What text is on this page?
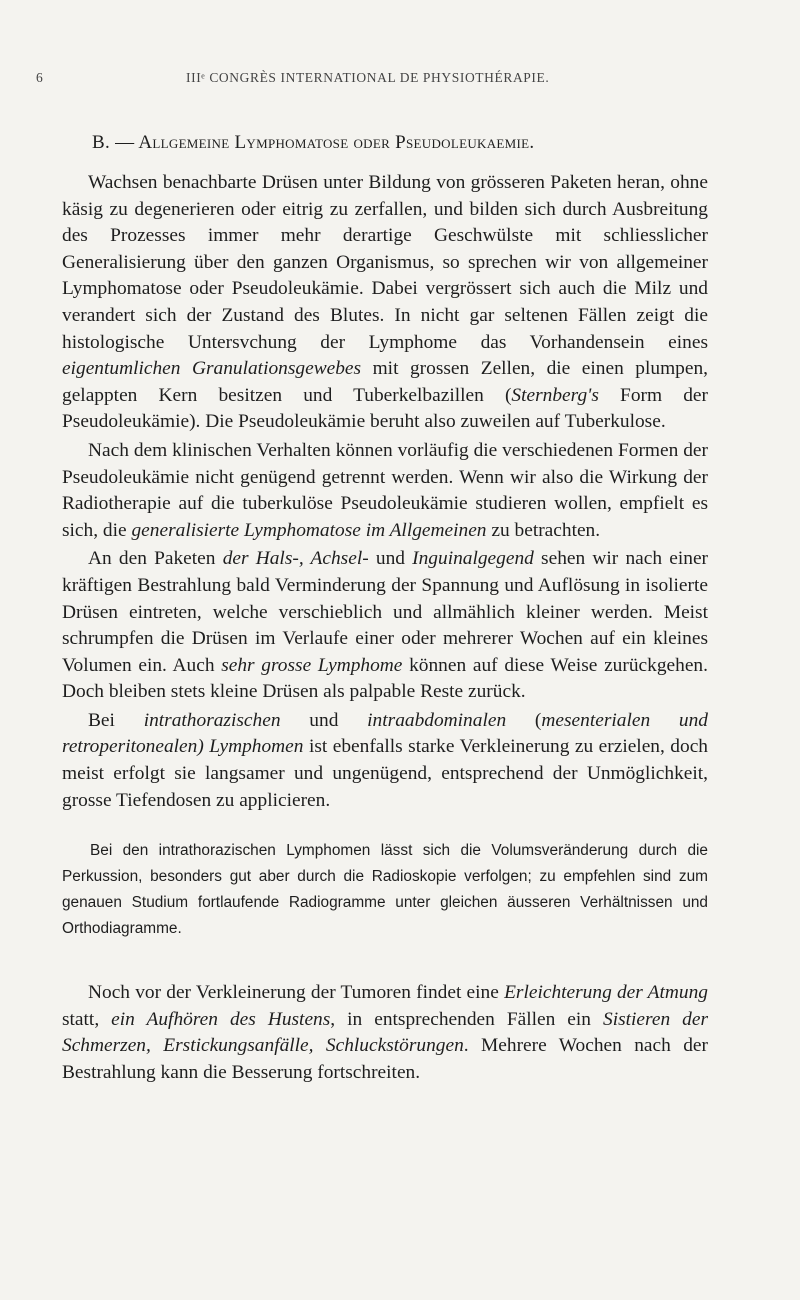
6	IIIᵉ CONGRÈS INTERNATIONAL DE PHYSIOTHÉRAPIE.
B. — Allgemeine Lymphomatose oder Pseudoleukaemie.

Wachsen benachbarte Drüsen unter Bildung von grösseren Paketen heran, ohne käsig zu degenerieren oder eitrig zu zerfallen, und bilden sich durch Ausbreitung des Prozesses immer mehr derartige Geschwülste mit schliesslicher Generalisierung über den ganzen Organismus, so sprechen wir von allgemeiner Lymphomatose oder Pseudoleukämie. Dabei vergrössert sich auch die Milz und verandert sich der Zustand des Blutes. In nicht gar seltenen Fällen zeigt die histologische Untersvchung der Lymphome das Vorhandensein eines eigentumlichen Granulationsgewebes mit grossen Zellen, die einen plumpen, gelappten Kern besitzen und Tuberkelbazillen (Sternberg's Form der Pseudoleukämie). Die Pseudoleukämie beruht also zuweilen auf Tuberkulose.

Nach dem klinischen Verhalten können vorläufig die verschiedenen Formen der Pseudoleukämie nicht genügend getrennt werden. Wenn wir also die Wirkung der Radiotherapie auf die tuberkulöse Pseudoleukämie studieren wollen, empfielt es sich, die generalisierte Lymphomatose im Allgemeinen zu betrachten.

An den Paketen der Hals-, Achsel- und Inguinalgegend sehen wir nach einer kräftigen Bestrahlung bald Verminderung der Spannung und Auflösung in isolierte Drüsen eintreten, welche verschieblich und allmählich kleiner werden. Meist schrumpfen die Drüsen im Verlaufe einer oder mehrerer Wochen auf ein kleines Volumen ein. Auch sehr grosse Lymphome können auf diese Weise zurückgehen. Doch bleiben stets kleine Drüsen als palpable Reste zurück.

Bei intrathorazischen und intraabdominalen (mesenterialen und retroperitonealen) Lymphomen ist ebenfalls starke Verkleinerung zu erzielen, doch meist erfolgt sie langsamer und ungenügend, entsprechend der Unmöglichkeit, grosse Tiefendosen zu applicieren.

Bei den intrathorazischen Lymphomen lässt sich die Volumsveränderung durch die Perkussion, besonders gut aber durch die Radioskopie verfolgen; zu empfehlen sind zum genauen Studium fortlaufende Radiogramme unter gleichen äusseren Verhältnissen und Orthodiagramme.

Noch vor der Verkleinerung der Tumoren findet eine Erleichterung der Atmung statt, ein Aufhören des Hustens, in entsprechenden Fällen ein Sistieren der Schmerzen, Erstickungsanfälle, Schluckstörungen. Mehrere Wochen nach der Bestrahlung kann die Besserung fortschreiten.
